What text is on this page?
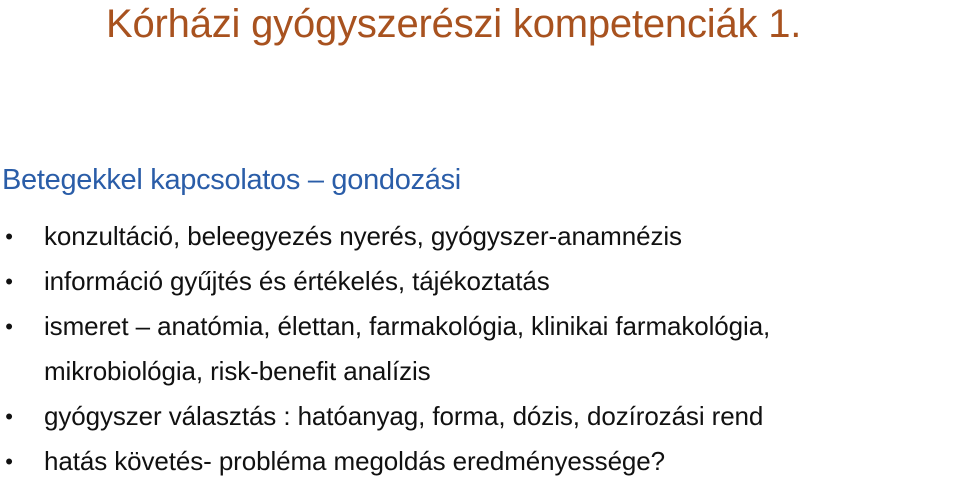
Kórházi gyógyszerészi kompetenciák 1.
Betegekkel kapcsolatos – gondozási
• konzultáció, beleegyezés nyerés, gyógyszer-anamnézis
• információ gyűjtés és értékelés, tájékoztatás
• ismeret – anatómia, élettan, farmakológia, klinikai farmakológia, mikrobiológia, risk-benefit analízis
• gyógyszer választás : hatóanyag, forma, dózis, dozírozási rend
• hatás követés- probléma megoldás eredményessége?
